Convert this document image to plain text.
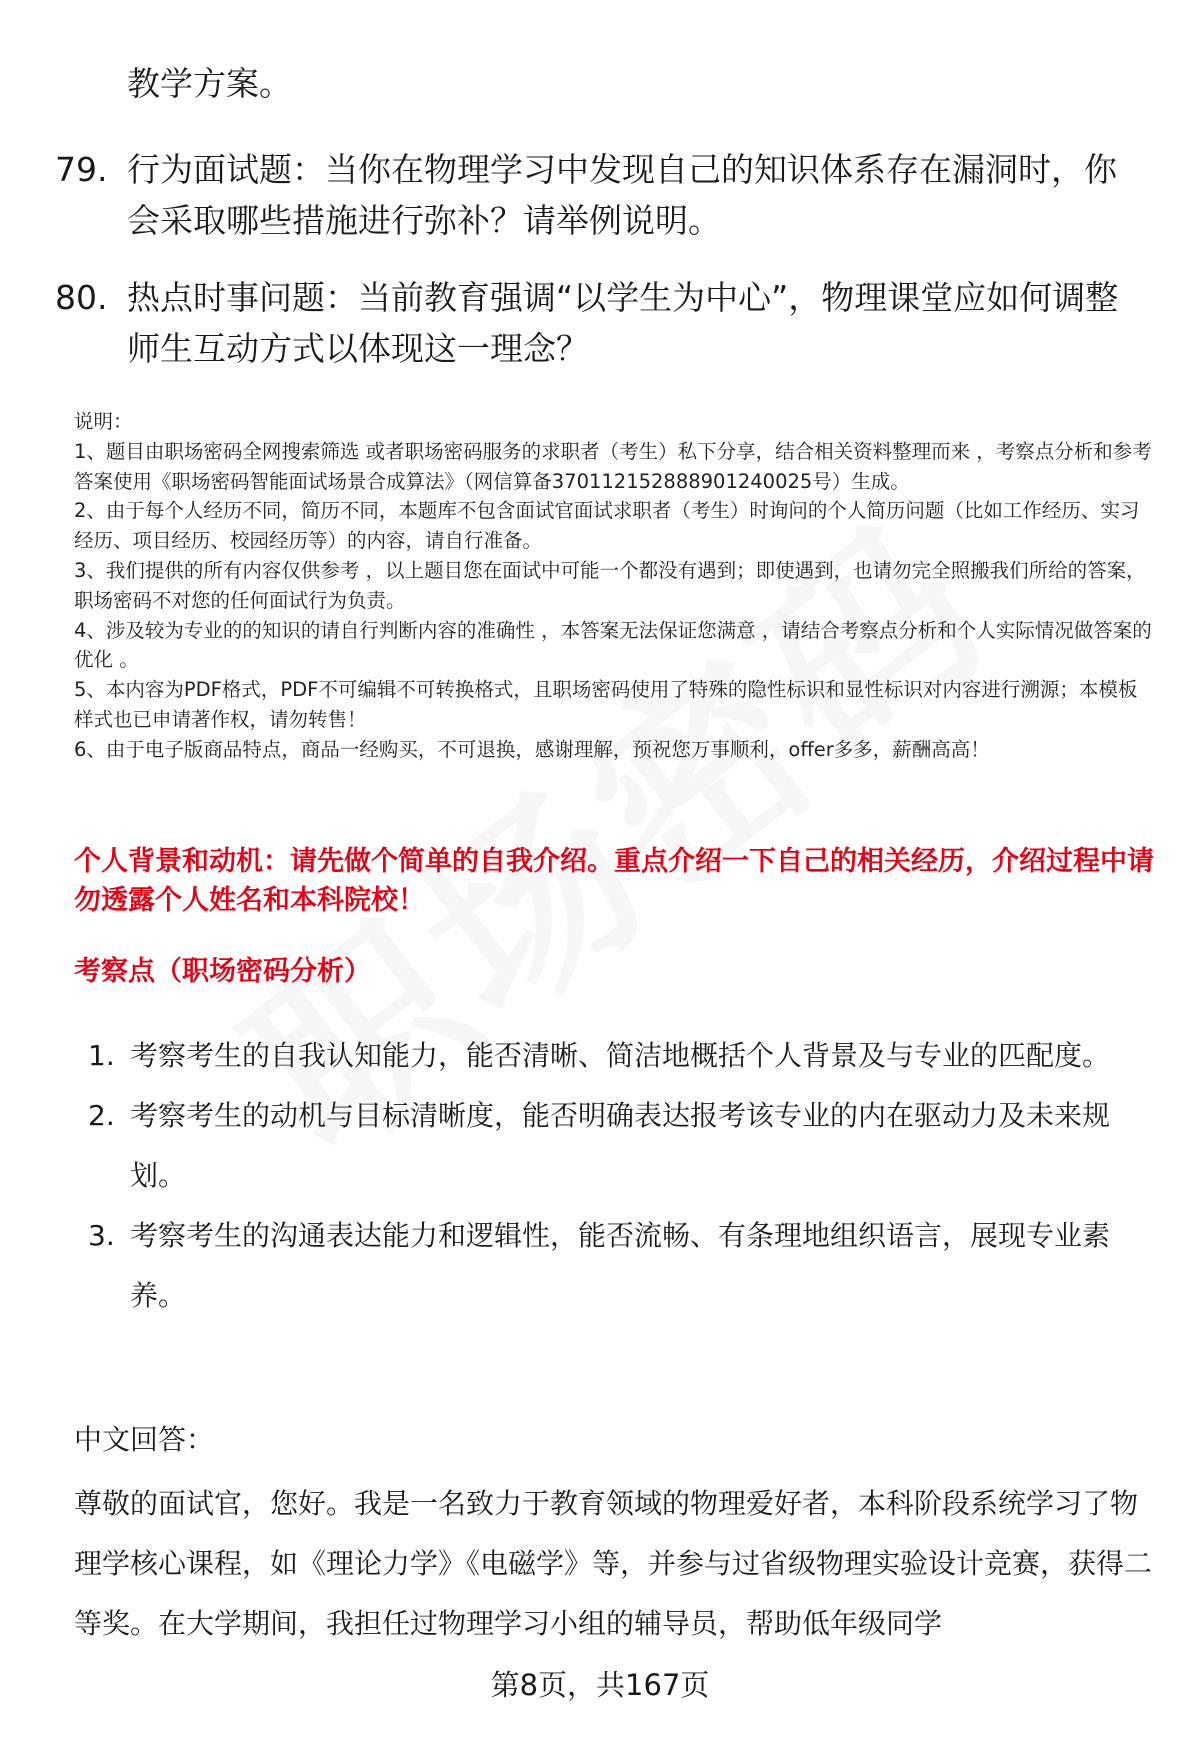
教学方案。
79. 行为面试题：当你在物理学习中发现自己的知识体系存在漏洞时，你会采取哪些措施进行弥补？请举例说明。
80. 热点时事问题：当前教育强调“以学生为中心”，物理课堂应如何调整师生互动方式以体现这一理念？

说明：

1、题目由职场密码全网搜索筛选 或者职场密码服务的求职者（考生）私下分享，结合相关资料整理而来 ，考察点分析和参考答案使用《职场密码智能面试场景合成算法》（网信算备370112152888901240025号）生成。

2、由于每个人经历不同，简历不同，本题库不包含面试官面试求职者（考生）时询问的个人简历问题（比如工作经历、实习经历、项目经历、校园经历等）的内容，请自行准备。

3、我们提供的所有内容仅供参考 ，以上题目您在面试中可能一个都没有遇到；即使遇到，也请勿完全照搬我们所给的答案，职场密码不对您的任何面试行为负责。

4、涉及较为专业的的知识的请自行判断内容的准确性 ，本答案无法保证您满意 ，请结合考察点分析和个人实际情况做答案的优化 。

5、本内容为PDF格式，PDF不可编辑不可转换格式，且职场密码使用了特殊的隐性标识和显性标识对内容进行溯源；本模板样式也已申请著作权，请勿转售！

6、由于电子版商品特点，商品一经购买，不可退换，感谢理解，预祝您万事顺利，offer多多，薪酬高高！

个人背景和动机：请先做个简单的自我介绍。重点介绍一下自己的相关经历，介绍过程中请勿透露个人姓名和本科院校！
考察点（职场密码分析）
1. 考察考生的自我认知能力，能否清晰、简洁地概括个人背景及与专业的匹配度。
2. 考察考生的动机与目标清晰度，能否明确表达报考该专业的内在驱动力及未来规划。
3. 考察考生的沟通表达能力和逻辑性，能否流畅、有条理地组织语言，展现专业素养。
中文回答：
尊敬的面试官，您好。我是一名致力于教育领域的物理爱好者，本科阶段系统学习了物理学核心课程，如《理论力学》《电磁学》等，并参与过省级物理实验设计竞赛，获得二等奖。在大学期间，我担任过物理学习小组的辅导员，帮助低年级同学
第8页，共167页
